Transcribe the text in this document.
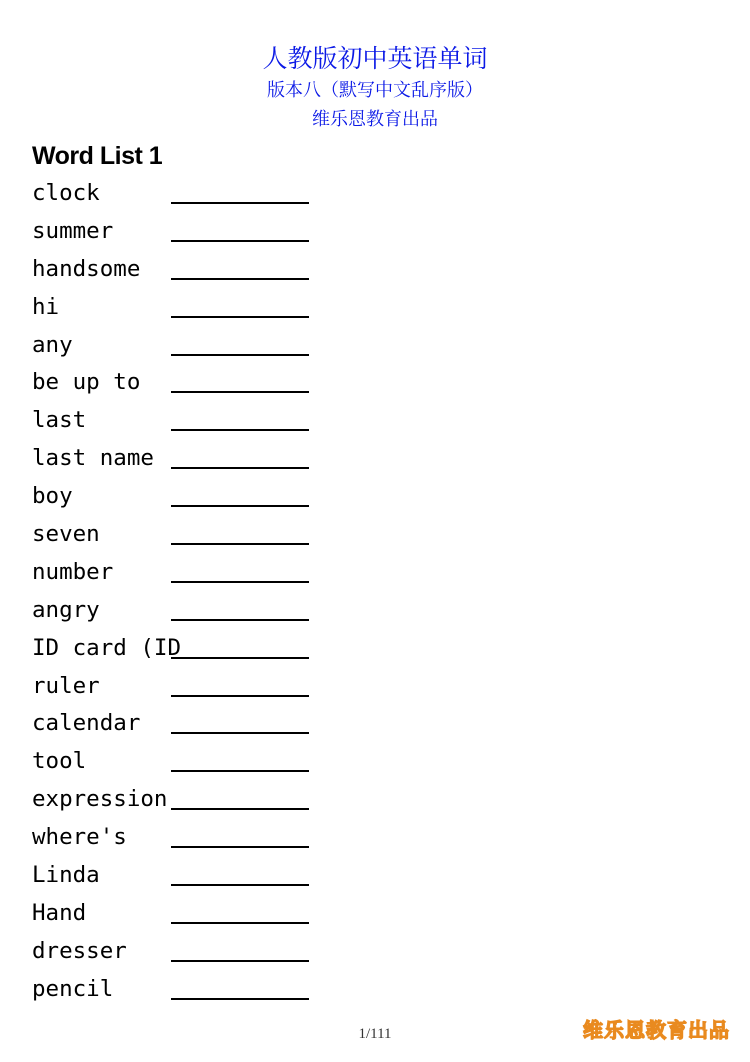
人教版初中英语单词
版本八（默写中文乱序版）
维乐恩教育出品
Word List 1
clock
summer
handsome
hi
any
be up to
last
last name
boy
seven
number
angry
ID card (ID
ruler
calendar
tool
expression
where's
Linda
Hand
dresser
pencil
1/111	维乐恩教育出品
